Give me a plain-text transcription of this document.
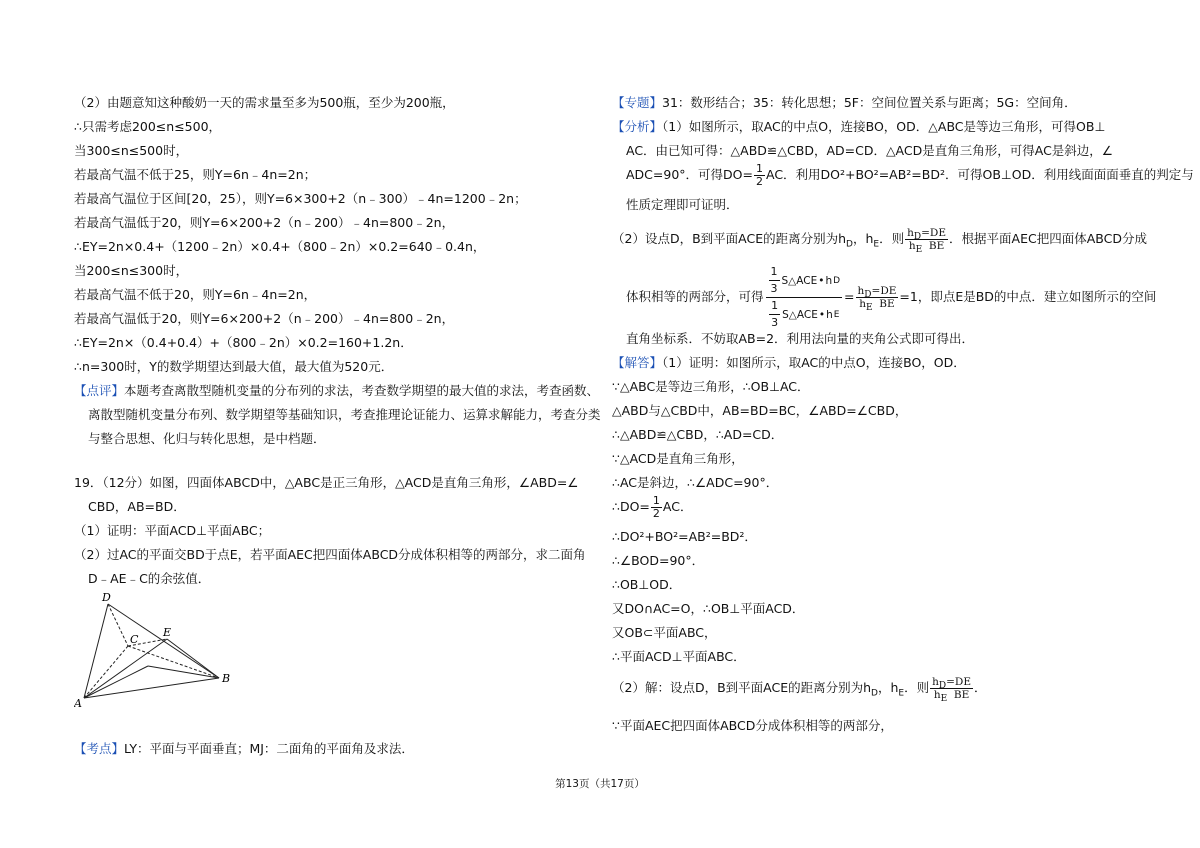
（2）由题意知这种酸奶一天的需求量至多为500瓶，至少为200瓶，
∴只需考虑200≤n≤500，
当300≤n≤500时，
若最高气温不低于25，则Y=6n﹣4n=2n；
若最高气温位于区间[20，25），则Y=6×300+2（n﹣300）﹣4n=1200﹣2n；
若最高气温低于20，则Y=6×200+2（n﹣200）﹣4n=800﹣2n，
∴EY=2n×0.4+（1200﹣2n）×0.4+（800﹣2n）×0.2=640﹣0.4n，
当200≤n≤300时，
若最高气温不低于20，则Y=6n﹣4n=2n，
若最高气温低于20，则Y=6×200+2（n﹣200）﹣4n=800﹣2n，
∴EY=2n×（0.4+0.4）+（800﹣2n）×0.2=160+1.2n．
∴n=300时，Y的数学期望达到最大值，最大值为520元．
【点评】本题考查离散型随机变量的分布列的求法，考查数学期望的最大值的求法，考查函数、
离散型随机变量分布列、数学期望等基础知识，考查推理论证能力、运算求解能力，考查分类
与整合思想、化归与转化思想，是中档题．
19．（12分）如图，四面体ABCD中，△ABC是正三角形，△ACD是直角三角形，∠ABD=∠
CBD，AB=BD．
（1）证明：平面ACD⊥平面ABC；
（2）过AC的平面交BD于点E，若平面AEC把四面体ABCD分成体积相等的两部分，求二面角
D﹣AE﹣C的余弦值．
D
C
E
B
A
【考点】LY：平面与平面垂直；MJ：二面角的平面角及求法．
【专题】31：数形结合；35：转化思想；5F：空间位置关系与距离；5G：空间角．
【分析】（1）如图所示，取AC的中点O，连接BO，OD．△ABC是等边三角形，可得OB⊥
AC．由已知可得：△ABD≌△CBD，AD=CD．△ACD是直角三角形，可得AC是斜边，∠
ADC=90°．可得$DO= \frac{1}{2}$ AC．利用DO²+BO²=AB²=BD²．可得OB⊥OD．利用线面面面垂直的判定与
性质定理即可证明．
（2）设点D，B到平面ACE的距离分别为$h_D$，$h_E$．则 $\frac{h_D=DE}{h_E BE}$ ．根据平面AEC把四面体ABCD分成
体积相等的两部分，可得 $\frac{\frac{1}{3} S\triangle ACE • h D}{\frac{1}{3} S\triangle ACE • h E} = \frac{h_D=DE}{h_E BE} =1$，即点E是BD的中点．建立如图所示的空间
直角坐标系．不妨取AB=2．利用法向量的夹角公式即可得出．
【解答】（1）证明：如图所示，取AC的中点O，连接BO，OD．
∵△ABC是等边三角形，∴OB⊥AC．
△ABD与△CBD中，AB=BD=BC，∠ABD=∠CBD，
∴△ABD≌△CBD，∴AD=CD．
∵△ACD是直角三角形，
∴AC是斜边，∴∠ADC=90°．
∴DO= $\frac{1}{2}$ AC．
∴DO²+BO²=AB²=BD²．
∴∠BOD=90°．
∴OB⊥OD．
又DO∩AC=O，∴OB⊥平面ACD．
又OB⊂平面ABC，
∴平面ACD⊥平面ABC．
（2）解：设点D，B到平面ACE的距离分别为$h_D$，$h_E$．则 $\frac{h_D=DE}{h_E BE}$ ．
∵平面AEC把四面体ABCD分成体积相等的两部分，
第13页（共17页）
